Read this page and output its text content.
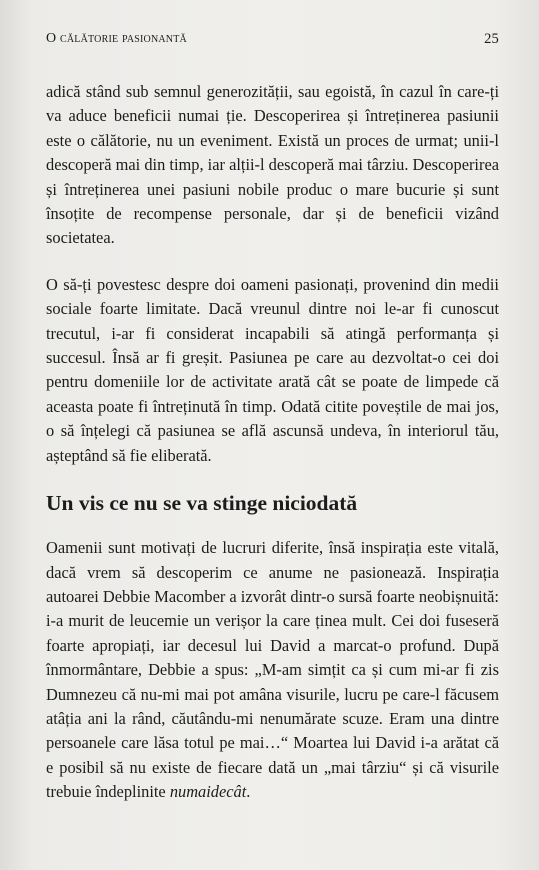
O călătorie pasionantă	25

adică stând sub semnul generozității, sau egoistă, în cazul în care-ți va aduce beneficii numai ție. Descoperirea și întreținerea pasiunii este o călătorie, nu un eveniment. Există un proces de urmat; unii-l descoperă mai din timp, iar alții-l descoperă mai târziu. Descoperirea și întreținerea unei pasiuni nobile produc o mare bucurie și sunt însoțite de recompense personale, dar și de beneficii vizând societatea.

O să-ți povestesc despre doi oameni pasionați, provenind din medii sociale foarte limitate. Dacă vreunul dintre noi le-ar fi cunoscut trecutul, i-ar fi considerat incapabili să atingă performanța și succesul. Însă ar fi greșit. Pasiunea pe care au dezvoltat-o cei doi pentru domeniile lor de activitate arată cât se poate de limpede că aceasta poate fi întreținută în timp. Odată citite poveștile de mai jos, o să înțelegi că pasiunea se află ascunsă undeva, în interiorul tău, așteptând să fie eliberată.

Un vis ce nu se va stinge niciodată

Oamenii sunt motivați de lucruri diferite, însă inspirația este vitală, dacă vrem să descoperim ce anume ne pasionează. Inspirația autoarei Debbie Macomber a izvorât dintr-o sursă foarte neobișnuită: i-a murit de leucemie un verișor la care ținea mult. Cei doi fuseseră foarte apropiați, iar decesul lui David a marcat-o profund. După înmormântare, Debbie a spus: „M-am simțit ca și cum mi-ar fi zis Dumnezeu că nu-mi mai pot amâna visurile, lucru pe care-l făcusem atâția ani la rând, căutându-mi nenumărate scuze. Eram una dintre persoanele care lăsa totul pe mai…“ Moartea lui David i-a arătat că e posibil să nu existe de fiecare dată un „mai târziu“ și că visurile trebuie îndeplinite numaidecât.
